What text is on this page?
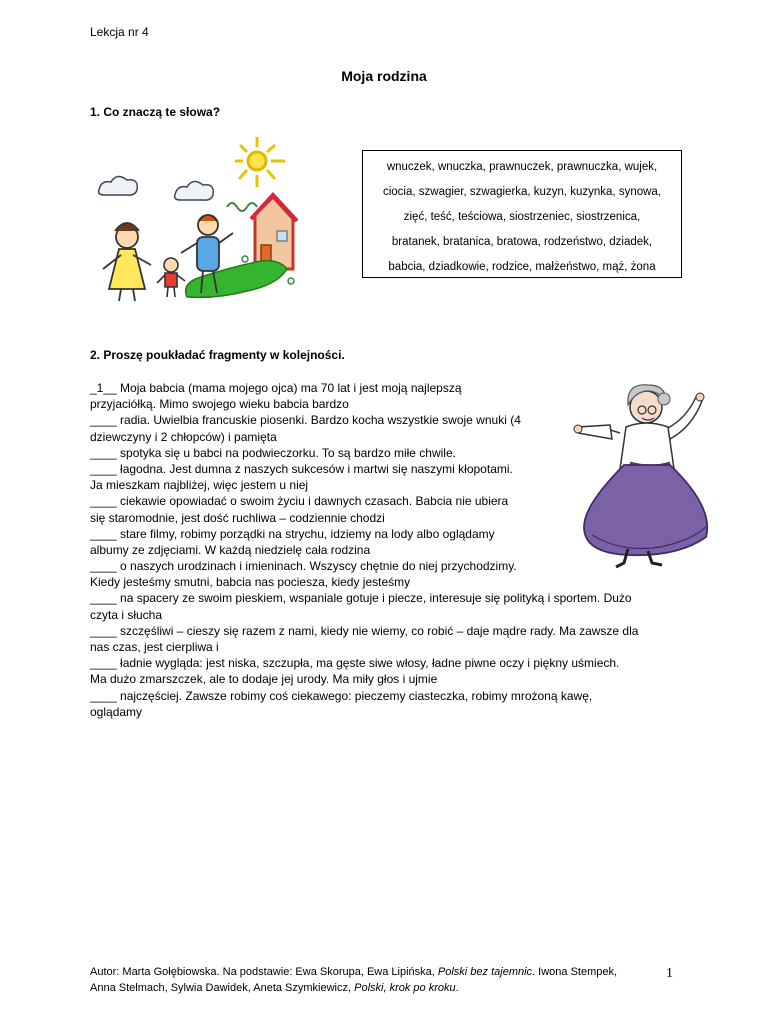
Lekcja nr 4
Moja rodzina
1. Co znaczą te słowa?
wnuczek, wnuczka, prawnuczek, prawnuczka, wujek,
ciocia, szwagier, szwagierka, kuzyn, kuzynka, synowa,
zięć, teść, teściowa, siostrzeniec, siostrzenica,
bratanek, bratanica, bratowa, rodzeństwo, dziadek,
babcia, dziadkowie, rodzice, małżeństwo, mąż, żona
2. Proszę poukładać fragmenty w kolejności.
_1__ Moja babcia (mama mojego ojca) ma 70 lat i jest moją najlepszą
przyjaciółką. Mimo swojego wieku babcia bardzo
____ radia. Uwielbia francuskie piosenki. Bardzo kocha wszystkie swoje wnuki (4
dziewczyny i 2 chłopców) i pamięta
____ spotyka się u babci na podwieczorku. To są bardzo miłe chwile.
____ łagodna. Jest dumna z naszych sukcesów i martwi się naszymi kłopotami.
Ja mieszkam najbliżej, więc jestem u niej
____ ciekawie opowiadać o swoim życiu i dawnych czasach. Babcia nie ubiera
się staromodnie, jest dość ruchliwa – codziennie chodzi
____ stare filmy, robimy porządki na strychu, idziemy na lody albo oglądamy
albumy ze zdjęciami. W każdą niedzielę cała rodzina
____ o naszych urodzinach i imieninach. Wszyscy chętnie do niej przychodzimy.
Kiedy jesteśmy smutni, babcia nas pocieszа, kiedy jesteśmy
____ na spacery ze swoim pieskiem, wspaniale gotuje i piecze, interesuje się polityką i sportem. Dużo
czyta i słucha
____ szczęśliwi – cieszy się razem z nami, kiedy nie wiemy, co robić – daje mądre rady. Ma zawsze dla
nas czas, jest cierpliwa i
____ ładnie wygląda: jest niska, szczupła, ma gęste siwe włosy, ładne piwne oczy i piękny uśmiech.
Ma dużo zmarszczek, ale to dodaje jej urody. Ma miły głos i ujmie
____ najczęściej. Zawsze robimy coś ciekawego: pieczemy ciasteczka, robimy mrożoną kawę,
oglądamy
Autor: Marta Gołębiowska. Na podstawie: Ewa Skorupa, Ewa Lipińska, Polski bez tajemnic. Iwona Stempek,
Anna Stelmach, Sylwia Dawidek, Aneta Szymkiewicz, Polski, krok po kroku.
1
